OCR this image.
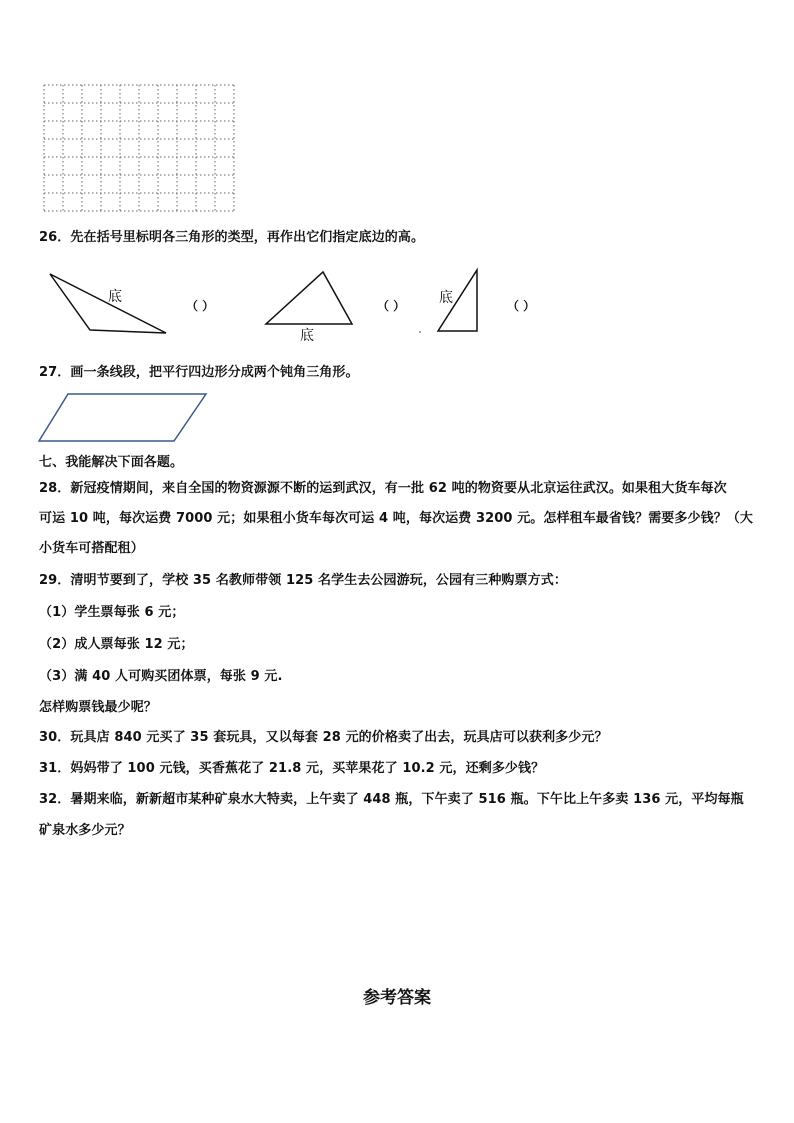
26．先在括号里标明各三角形的类型，再作出它们指定底边的高。
底
底
底
（ ）	（ ）	（ ）
27．画一条线段，把平行四边形分成两个钝角三角形。
七、我能解决下面各题。
28．新冠疫情期间，来自全国的物资源源不断的运到武汉，有一批 62 吨的物资要从北京运往武汉。如果租大货车每次
可运 10 吨，每次运费 7000 元；如果租小货车每次可运 4 吨，每次运费 3200 元。怎样租车最省钱？需要多少钱？（大
小货车可搭配租）
29．清明节要到了，学校 35 名教师带领 125 名学生去公园游玩，公园有三种购票方式：
（1）学生票每张 6 元；
（2）成人票每张 12 元；
（3）满 40 人可购买团体票，每张 9 元.
怎样购票钱最少呢？
30．玩具店 840 元买了 35 套玩具，又以每套 28 元的价格卖了出去，玩具店可以获利多少元？
31．妈妈带了 100 元钱，买香蕉花了 21.8 元，买苹果花了 10.2 元，还剩多少钱？
32．暑期来临，新新超市某种矿泉水大特卖，上午卖了 448 瓶，下午卖了 516 瓶。下午比上午多卖 136 元，平均每瓶
矿泉水多少元？
参考答案
